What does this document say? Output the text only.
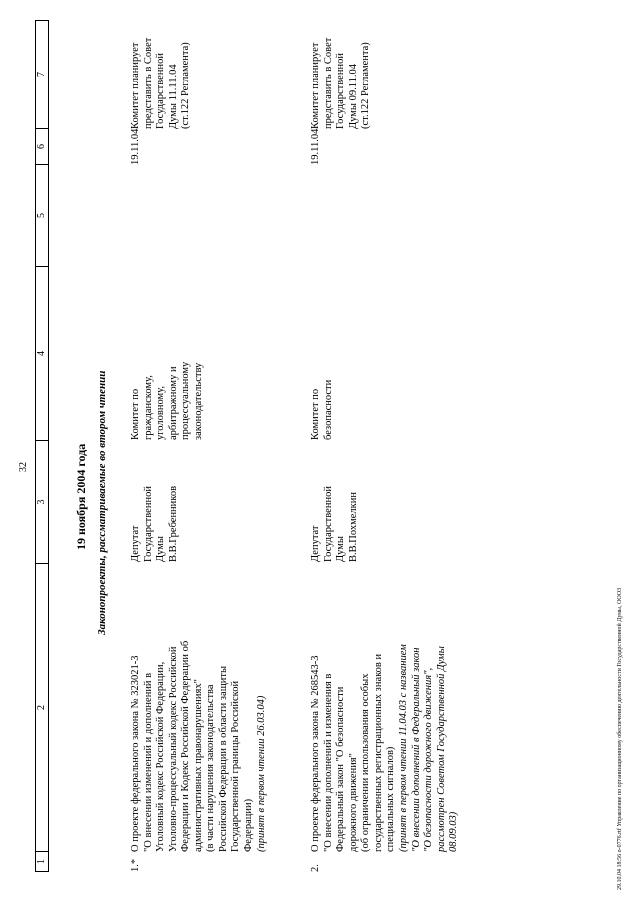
32
1
2
3
4
5
6
7
19 ноября 2004 года Законопроекты, рассматриваемые во втором чтении
1.*
О проекте федерального закона № 323021-3
"О внесении изменений и дополнений в
Уголовный кодекс Российской Федерации,
Уголовно-процессуальный кодекс Российской
Федерации и Кодекс Российской Федерации об
административных правонарушениях"
(в части нарушения законодательства
Российской Федерации в области защиты
Государственной границы Российской
Федерации) (принят в первом чтении 26.03.04)
Депутат
Государственной
Думы
В.В.Гребенников
Комитет по
гражданскому,
уголовному,
арбитражному и
процессуальному
законодательству
19.11.04
Комитет планирует
представить в Совет
Государственной
Думы 11.11.04
(ст.122 Регламента)
2.
О проекте федерального закона № 268543-3
"О внесении дополнений и изменения в
Федеральный закон "О безопасности
дорожного движения"
(об ограничении использования особых
государственных регистрационных знаков и
специальных сигналов)
(принят в первом чтении 11.04.03 с названием
"О внесении дополнений в Федеральный закон
"О безопасности дорожного движения",
рассмотрен Советом Государственной Думы
08.09.03)
Депутат
Государственной
Думы
В.В.Похмелкин
Комитет по
безопасности
19.11.04
Комитет планирует
представить в Совет
Государственной
Думы 09.11.04
(ст.122 Регламента)
29.10.04 18:56 о-0776.rtf Управление по организационному обеспечению деятельности Государственной Думы, ООО3
